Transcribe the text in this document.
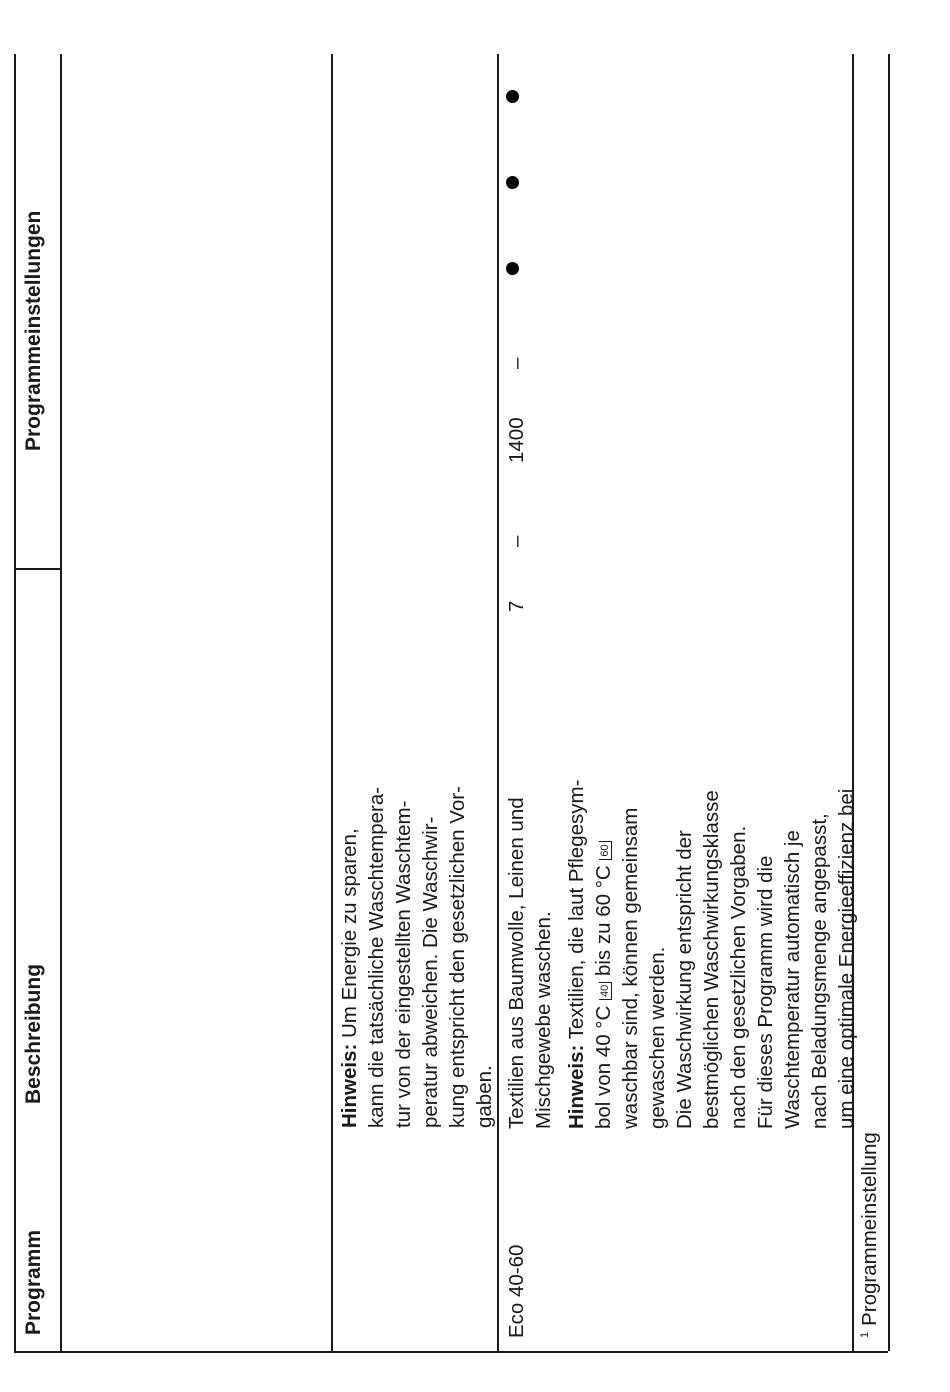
Programm
Beschreibung
Programmeinstellungen
Hinweis: Um Energie zu sparen, kann die tatsächliche Waschtempera- tur von der eingestellten Waschtem- peratur abweichen. Die Waschwir- kung entspricht den gesetzlichen Vor- gaben.
Eco 40-60
Textilien aus Baumwolle, Leinen und Mischgewebe waschen. Hinweis: Textilien, die laut Pflegesym-
bol von 40 °C 40 bis zu 60 °C 60 waschbar sind, können gemeinsam gewaschen werden. Die Waschwirkung entspricht der bestmöglichen Waschwirkungsklasse nach den gesetzlichen Vorgaben. Für dieses Programm wird die Waschtemperatur automatisch je nach Beladungsmenge angepasst, um eine optimale Energieeffizienz bei
7
–
1400
–
$^1$Programmeinstellung
